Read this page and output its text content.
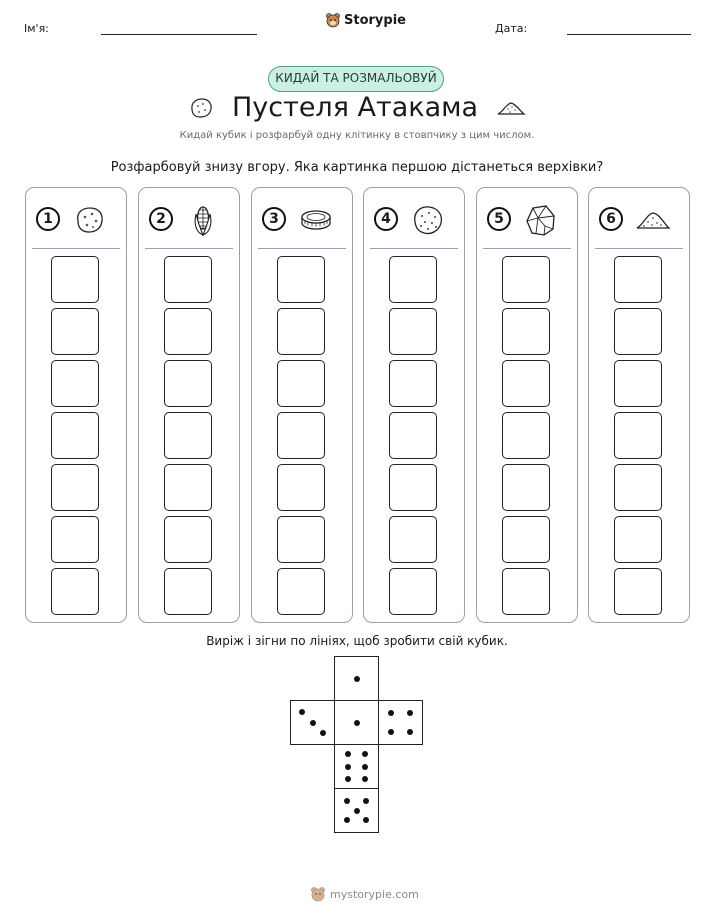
Ім'я:
Storypie
Дата:
КИДАЙ ТА РОЗМАЛЬОВУЙ
Пустеля Атакама
Кидай кубик і розфарбуй одну клітинку в стовпчику з цим числом.
Розфарбовуй знизу вгору. Яка картинка першою дістанеться верхівки?
1	2	3	4	5	6
Виріж і зігни по лініях, щоб зробити свій кубик.
mystorypie.com
